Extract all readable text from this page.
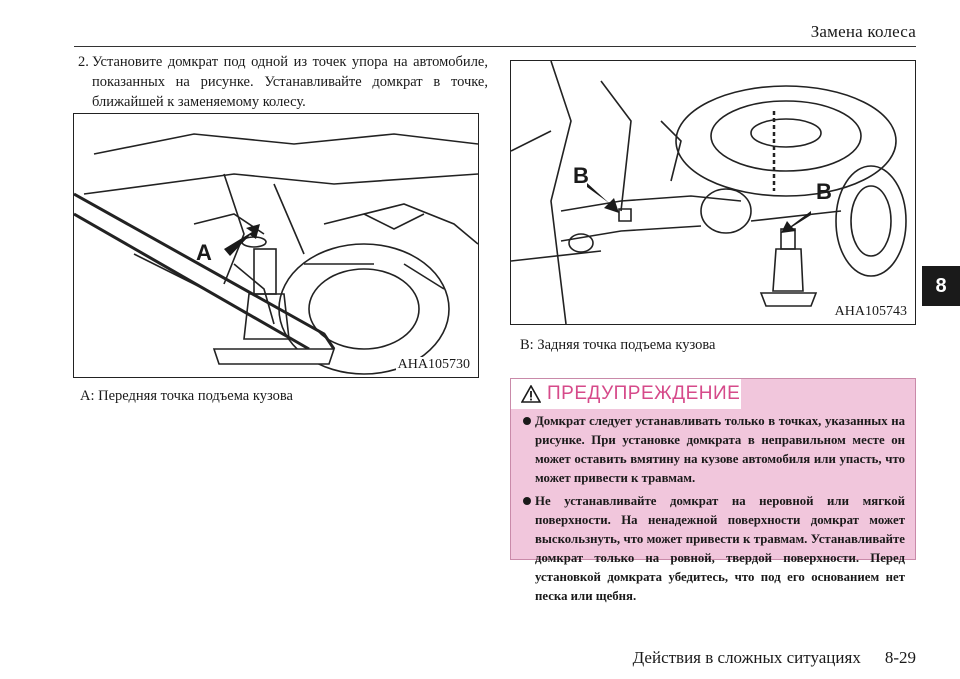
Замена колеса
8
2. Установите домкрат под одной из точек упора на автомобиле, показанных на рисунке. Устанавливайте домкрат в точке, ближайшей к заменяемому колесу.
A
AHA105730
B
B
AHA105743
A: Передняя точка подъема кузова
B: Задняя точка подъема кузова
ПРЕДУПРЕЖДЕНИЕ
Домкрат следует устанавливать только в точках, указанных на рисунке. При установке домкрата в неправильном месте он может оставить вмятину на кузове автомобиля или упасть, что может привести к травмам.
Не устанавливайте домкрат на неровной или мягкой поверхности. На ненадежной поверхности домкрат может выскользнуть, что может привести к травмам. Устанавливайте домкрат только на ровной, твердой поверхности. Перед установкой домкрата убедитесь, что под его основанием нет песка или щебня.
Действия в сложных ситуациях 8-29
